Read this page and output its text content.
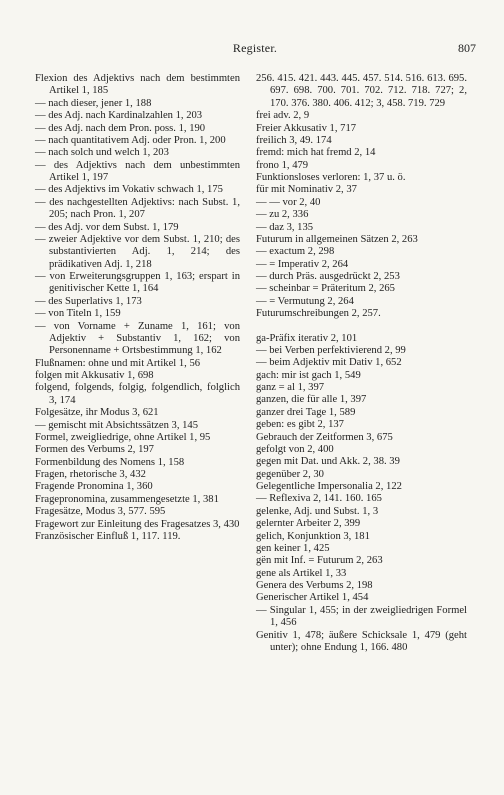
Register.	807

Flexion des Adjektivs nach dem bestimmten Artikel 1, 185

— nach dieser, jener 1, 188

— des Adj. nach Kardinalzahlen 1, 203

— des Adj. nach dem Pron. poss. 1, 190

— nach quantitativem Adj. oder Pron. 1, 200

— nach solch und welch 1, 203

— des Adjektivs nach dem unbestimmten Artikel 1, 197

— des Adjektivs im Vokativ schwach 1, 175

— des nachgestellten Adjektivs: nach Subst. 1, 205; nach Pron. 1, 207

— des Adj. vor dem Subst. 1, 179

— zweier Adjektive vor dem Subst. 1, 210; des substantivierten Adj. 1, 214; des prädikativen Adj. 1, 218

— von Erweiterungsgruppen 1, 163; erspart in genitivischer Kette 1, 164

— des Superlativs 1, 173

— von Titeln 1, 159

— von Vorname + Zuname 1, 161; von Adjektiv + Substantiv 1, 162; von Personenname + Ortsbestimmung 1, 162

Flußnamen: ohne und mit Artikel 1, 56

folgen mit Akkusativ 1, 698

folgend, folgends, folgig, folgendlich, folglich 3, 174

Folgesätze, ihr Modus 3, 621

— gemischt mit Absichtssätzen 3, 145

Formel, zweigliedrige, ohne Artikel 1, 95

Formen des Verbums 2, 197

Formenbildung des Nomens 1, 158

Fragen, rhetorische 3, 432

Fragende Pronomina 1, 360

Fragepronomina, zusammengesetzte 1, 381

Fragesätze, Modus 3, 577. 595

Fragewort zur Einleitung des Fragesatzes 3, 430

Französischer Einfluß 1, 117. 119.

256. 415. 421. 443. 445. 457. 514. 516. 613. 695. 697. 698. 700. 701. 702. 712. 718. 727; 2, 170. 376. 380. 406. 412; 3, 458. 719. 729

frei adv. 2, 9

Freier Akkusativ 1, 717

freilich 3, 49. 174

fremd: mich hat fremd 2, 14

frono 1, 479

Funktionsloses verloren: 1, 37 u. ö.

für mit Nominativ 2, 37

— — vor 2, 40

— zu 2, 336

— daz 3, 135

Futurum in allgemeinen Sätzen 2, 263

— exactum 2, 298

— = Imperativ 2, 264

— durch Präs. ausgedrückt 2, 253

— scheinbar = Präteritum 2, 265

— = Vermutung 2, 264

Futurumschreibungen 2, 257.

ga-Präfix iterativ 2, 101

— bei Verben perfektivierend 2, 99

— beim Adjektiv mit Dativ 1, 652

gach: mir ist gach 1, 549

ganz = al 1, 397

ganzen, die für alle 1, 397

ganzer drei Tage 1, 589

geben: es gibt 2, 137

Gebrauch der Zeitformen 3, 675

gefolgt von 2, 400

gegen mit Dat. und Akk. 2, 38. 39

gegenüber 2, 30

Gelegentliche Impersonalia 2, 122

— Reflexiva 2, 141. 160. 165

gelenke, Adj. und Subst. 1, 3

gelernter Arbeiter 2, 399

gelich, Konjunktion 3, 181

gen keiner 1, 425

gën mit Inf. = Futurum 2, 263

gene als Artikel 1, 33

Genera des Verbums 2, 198

Generischer Artikel 1, 454

— Singular 1, 455; in der zweigliedrigen Formel 1, 456

Genitiv 1, 478; äußere Schicksale 1, 479 (geht unter); ohne Endung 1, 166. 480
